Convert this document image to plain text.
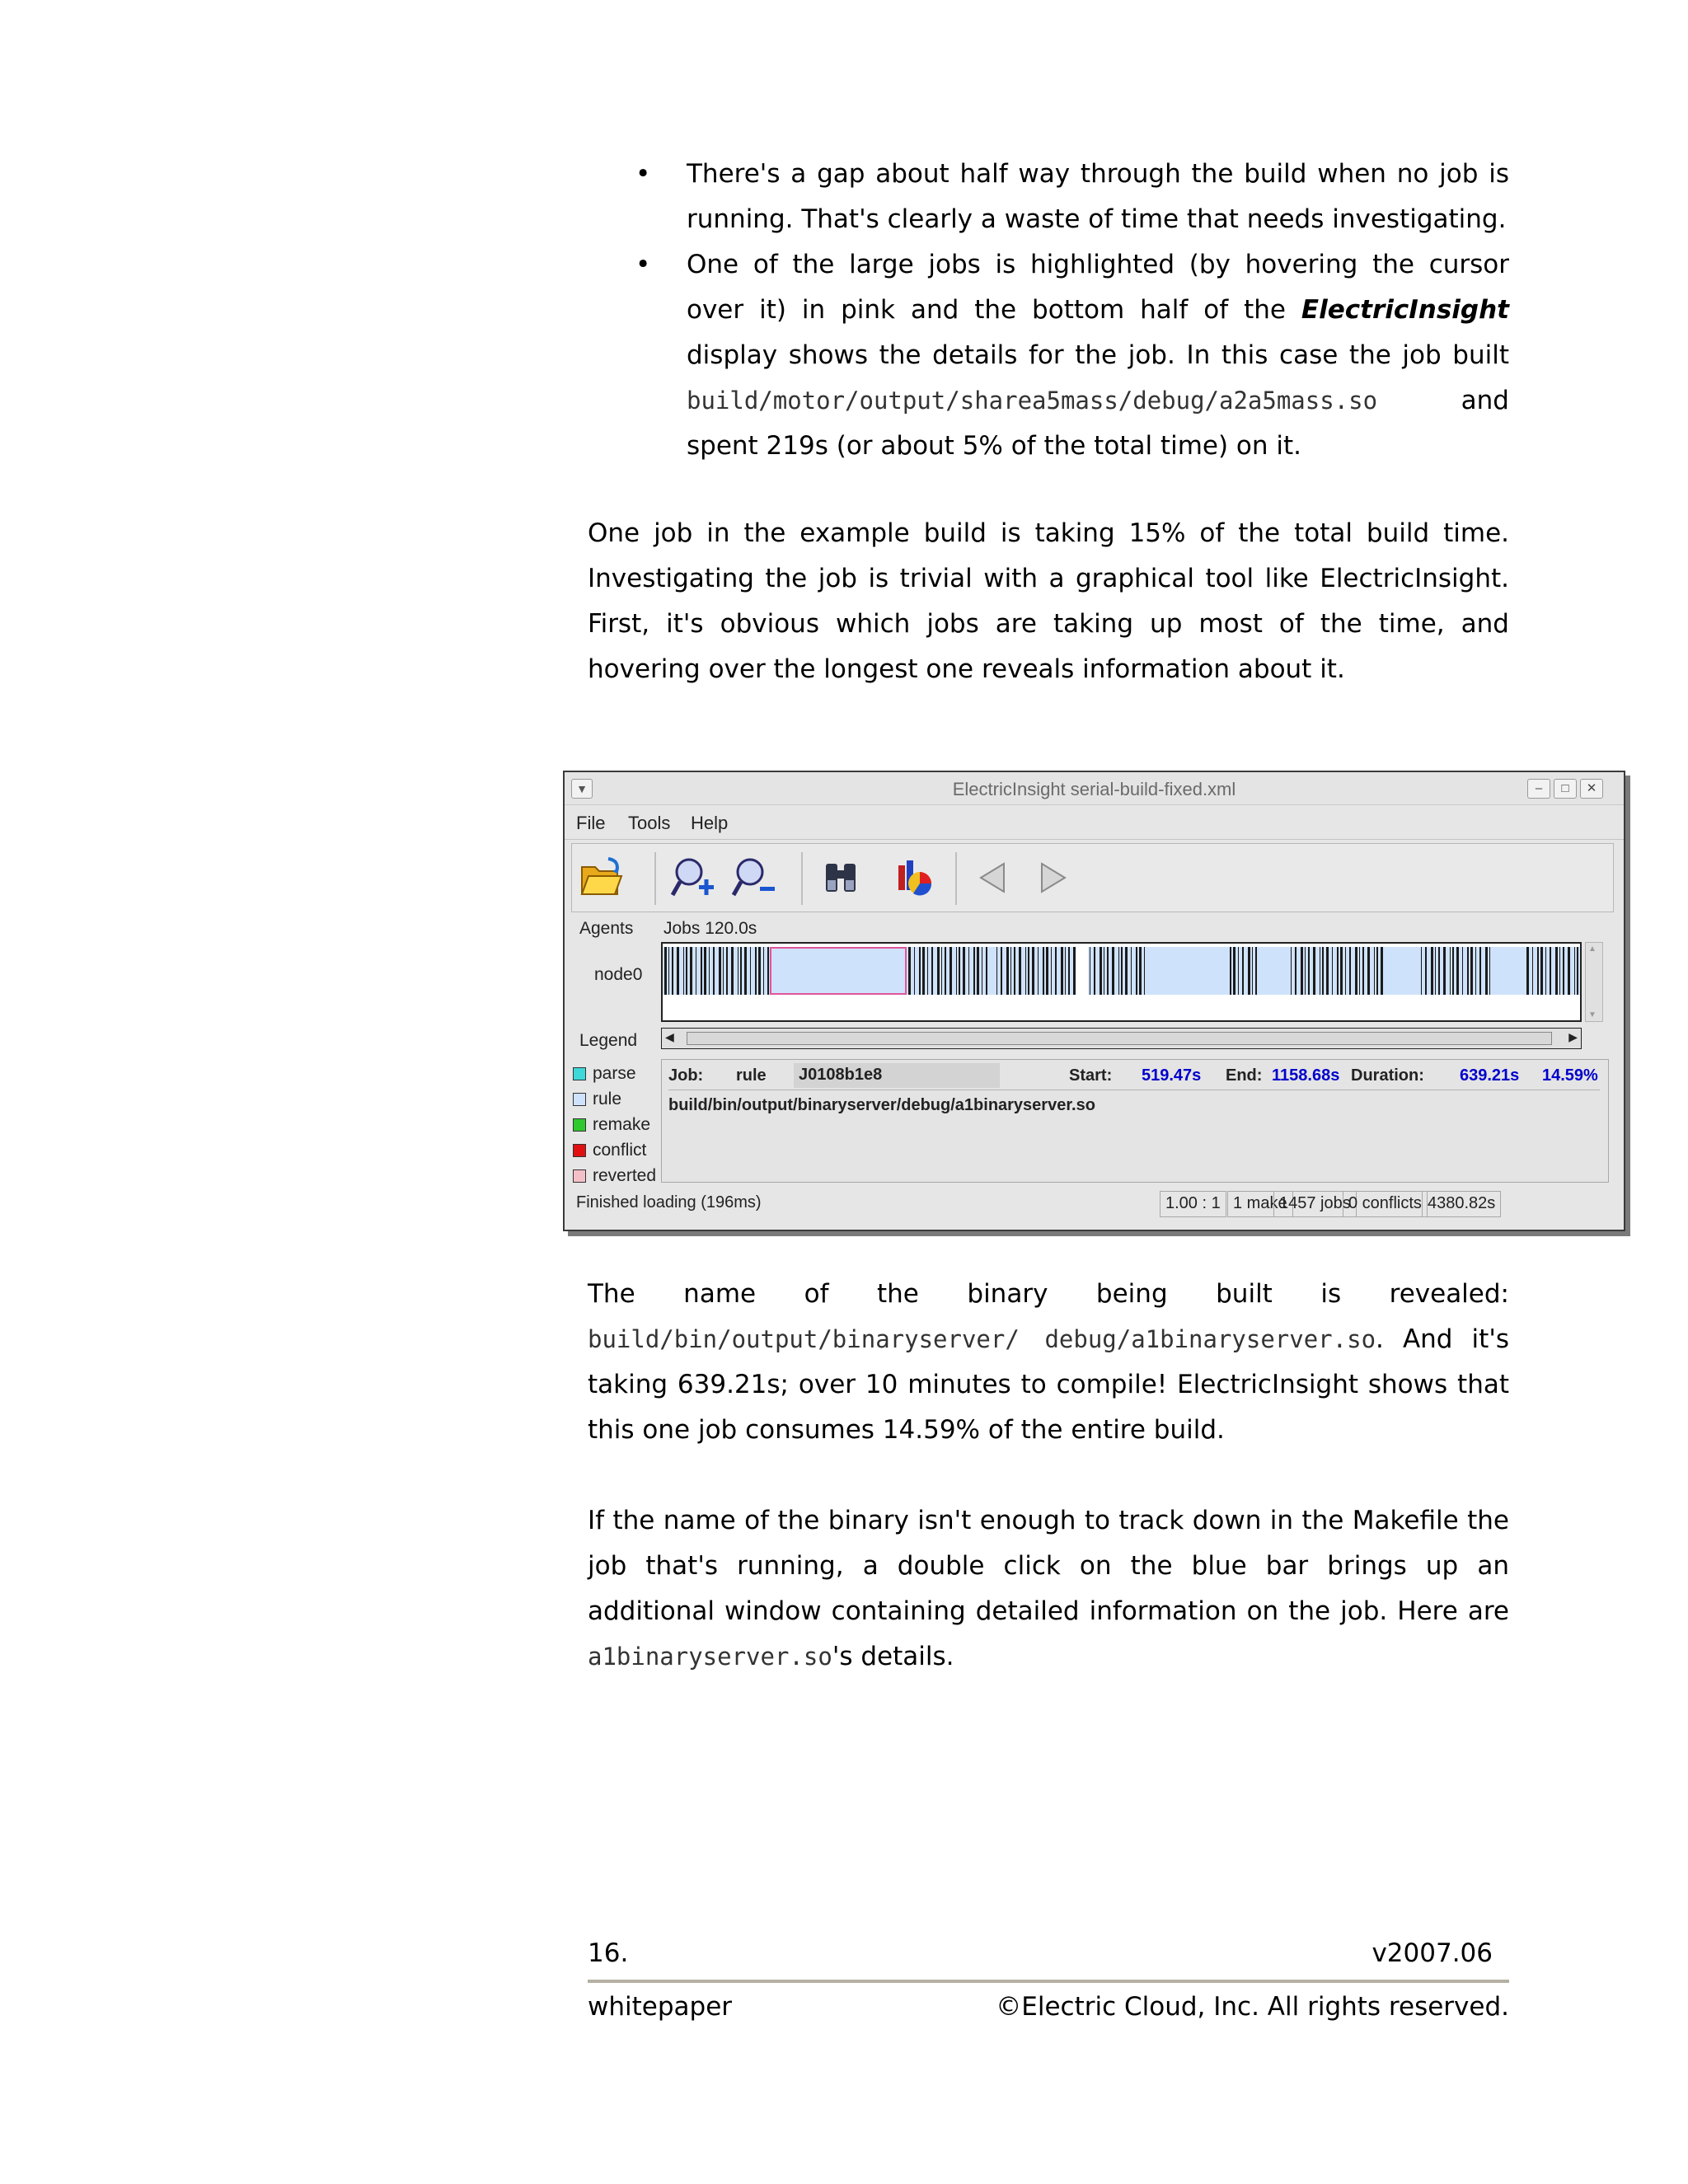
• There's a gap about half way through the build when no job is running. That's clearly a waste of time that needs investigating.
• One of the large jobs is highlighted (by hovering the cursor over it) in pink and the bottom half of the ElectricInsight display shows the details for the job. In this case the job built build/motor/output/sharea5mass/debug/a2a5mass.so and spent 219s (or about 5% of the total time) on it.

One job in the example build is taking 15% of the total build time. Investigating the job is trivial with a graphical tool like ElectricInsight. First, it's obvious which jobs are taking up most of the time, and hovering over the longest one reveals information about it.

▼	ElectricInsight serial-build-fixed.xml	–	□	✕
File Tools Help
Agents Jobs 120.0s
node0
▲
▼
Legend ◀	▶
parse
rule
remake
conflict
reverted
Job: rule	J0108b1e8	Start: 519.47s End: 1158.68s Duration: 639.21s 14.59%
build/bin/output/binaryserver/debug/a1binaryserver.so
Finished loading (196ms)	1.00 : 1 1 make
1457 jobs
0 conflicts 4380.82s

The name of the binary being built is revealed: build/bin/output/binaryserver/ debug/a1binaryserver.so. And it's taking 639.21s; over 10 minutes to compile! ElectricInsight shows that this one job consumes 14.59% of the entire build.

If the name of the binary isn't enough to track down in the Makefile the job that's running, a double click on the blue bar brings up an additional window containing detailed information on the job. Here are a1binaryserver.so's details.

16.	v2007.06
whitepaper	©Electric Cloud, Inc. All rights reserved.
